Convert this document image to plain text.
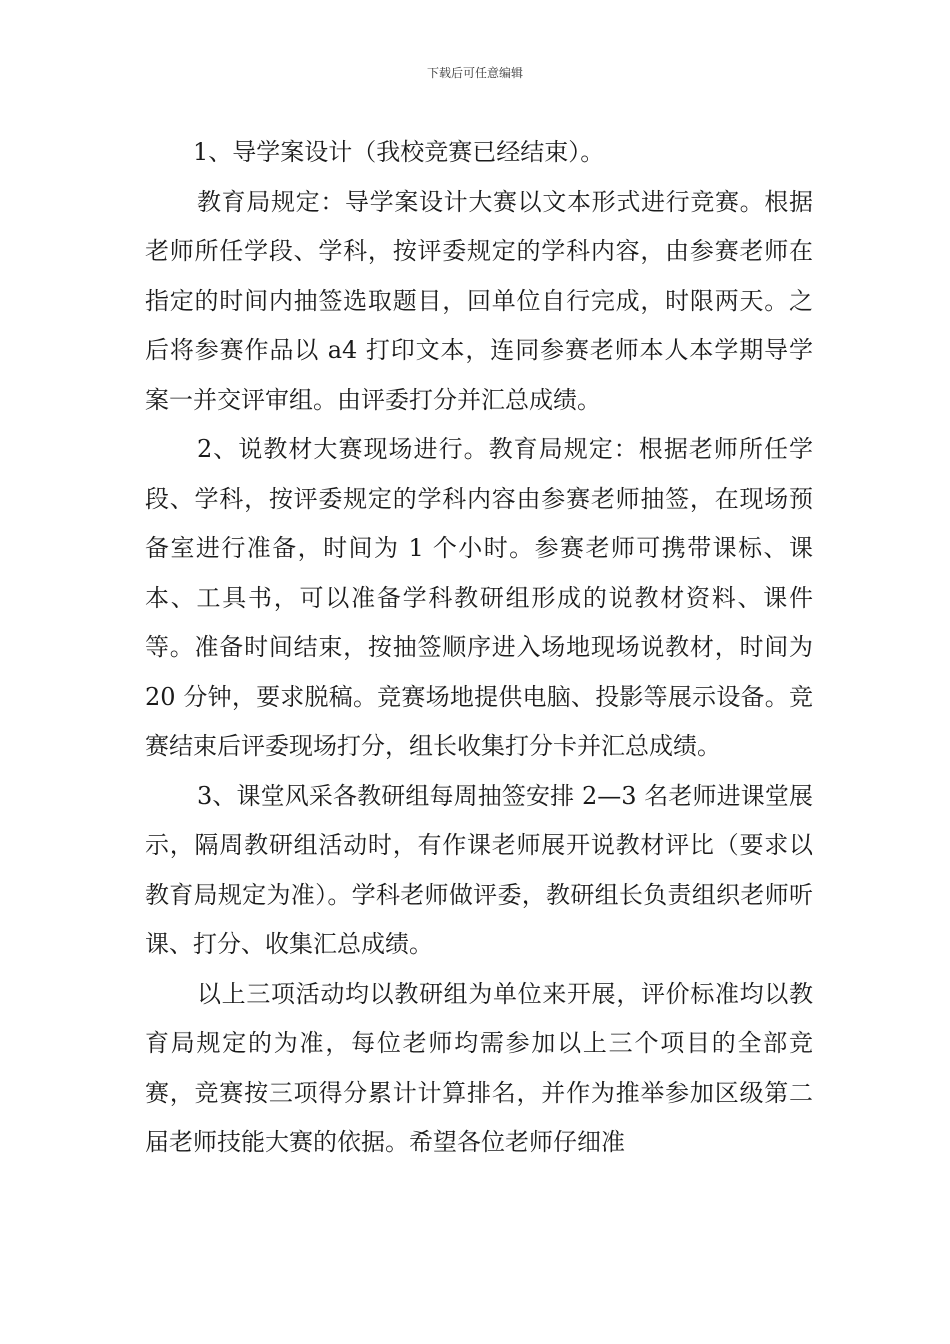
下载后可任意编辑

1、导学案设计（我校竞赛已经结束）。

教育局规定：导学案设计大赛以文本形式进行竞赛。根据老师所任学段、学科，按评委规定的学科内容，由参赛老师在指定的时间内抽签选取题目，回单位自行完成，时限两天。之后将参赛作品以 a4 打印文本，连同参赛老师本人本学期导学案一并交评审组。由评委打分并汇总成绩。

2、说教材大赛现场进行。教育局规定：根据老师所任学段、学科，按评委规定的学科内容由参赛老师抽签，在现场预备室进行准备，时间为 1 个小时。参赛老师可携带课标、课本、工具书，可以准备学科教研组形成的说教材资料、课件等。准备时间结束，按抽签顺序进入场地现场说教材，时间为 20 分钟，要求脱稿。竞赛场地提供电脑、投影等展示设备。竞赛结束后评委现场打分，组长收集打分卡并汇总成绩。

3、课堂风采各教研组每周抽签安排 2—3 名老师进课堂展示，隔周教研组活动时，有作课老师展开说教材评比（要求以教育局规定为准）。学科老师做评委，教研组长负责组织老师听课、打分、收集汇总成绩。

以上三项活动均以教研组为单位来开展，评价标准均以教育局规定的为准，每位老师均需参加以上三个项目的全部竞赛，竞赛按三项得分累计计算排名，并作为推举参加区级第二届老师技能大赛的依据。希望各位老师仔细准
